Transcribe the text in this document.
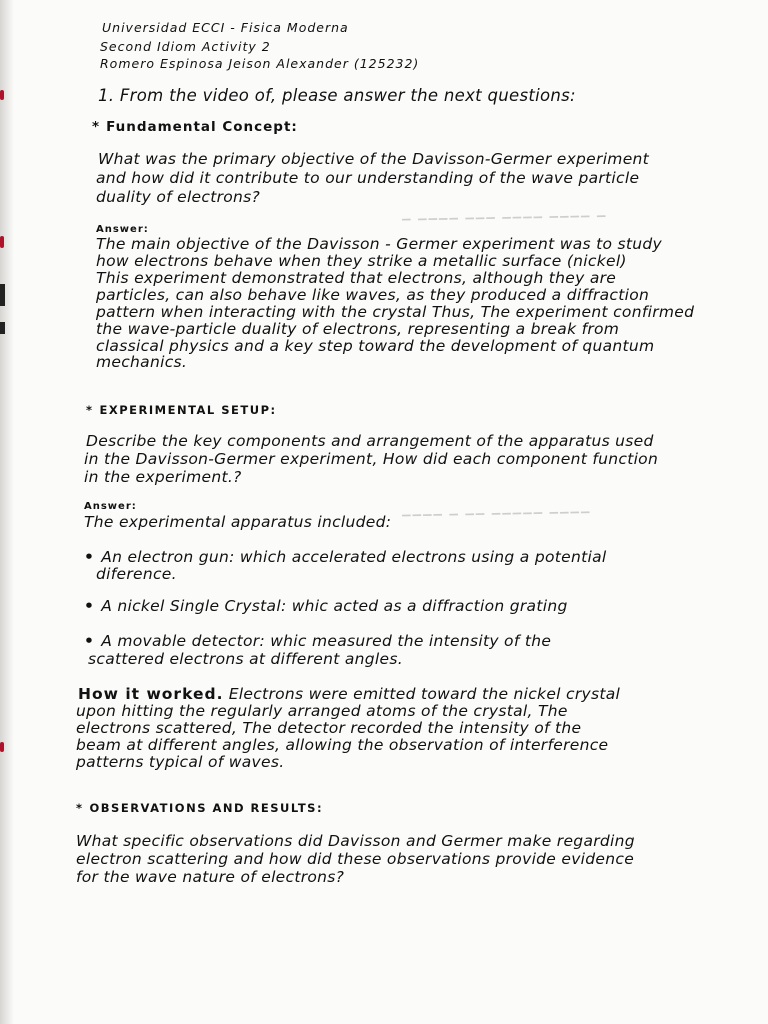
▁ ▁▁▁▁ ▁▁▁▁ ▁▁▁ ▁▁▁▁ ▁
▁▁▁▁ ▁▁▁▁▁ ▁▁ ▁ ▁▁▁▁
Universidad ECCI - Fisica Moderna
Second Idiom Activity 2
Romero Espinosa Jeison Alexander (125232)
1. From the video of, please answer the next questions:
* Fundamental Concept:
What was the primary objective of the Davisson-Germer experiment
and how did it contribute to our understanding of the wave particle
duality of electrons?
Answer:
The main objective of the Davisson - Germer experiment was to study
how electrons behave when they strike a metallic surface (nickel)
This experiment demonstrated that electrons, although they are
particles, can also behave like waves, as they produced a diffraction
pattern when interacting with the crystal Thus, The experiment confirmed
the wave-particle duality of electrons, representing a break from
classical physics and a key step toward the development of quantum
mechanics.
* EXPERIMENTAL SETUP:
Describe the key components and arrangement of the apparatus used
in the Davisson-Germer experiment, How did each component function
in the experiment.?
Answer:
The experimental apparatus included:
• An electron gun: which accelerated electrons using a potential
diference.
• A nickel Single Crystal: whic acted as a diffraction grating
• A movable detector: whic measured the intensity of the
scattered electrons at different angles.
How it worked. Electrons were emitted toward the nickel crystal
upon hitting the regularly arranged atoms of the crystal, The
electrons scattered, The detector recorded the intensity of the
beam at different angles, allowing the observation of interference
patterns typical of waves.
* OBSERVATIONS AND RESULTS:
What specific observations did Davisson and Germer make regarding
electron scattering and how did these observations provide evidence
for the wave nature of electrons?
